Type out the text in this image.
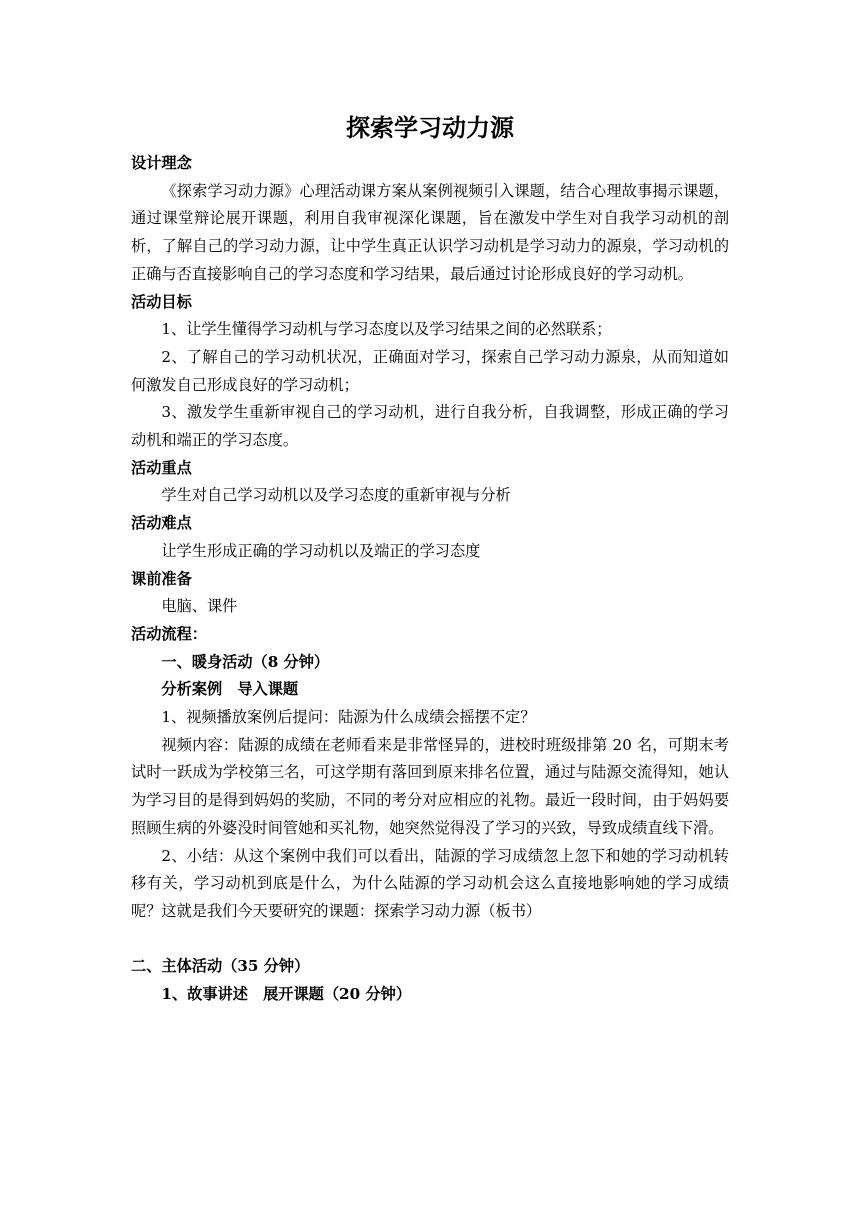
探索学习动力源

设计理念

《探索学习动力源》心理活动课方案从案例视频引入课题，结合心理故事揭示课题，通过课堂辩论展开课题，利用自我审视深化课题，旨在激发中学生对自我学习动机的剖析，了解自己的学习动力源，让中学生真正认识学习动机是学习动力的源泉，学习动机的正确与否直接影响自己的学习态度和学习结果，最后通过讨论形成良好的学习动机。

活动目标

1、让学生懂得学习动机与学习态度以及学习结果之间的必然联系；

2、了解自己的学习动机状况，正确面对学习，探索自己学习动力源泉，从而知道如何激发自己形成良好的学习动机；

3、激发学生重新审视自己的学习动机，进行自我分析，自我调整，形成正确的学习动机和端正的学习态度。

活动重点

学生对自己学习动机以及学习态度的重新审视与分析

活动难点

让学生形成正确的学习动机以及端正的学习态度

课前准备

电脑、课件

活动流程：

一、暖身活动（8 分钟）

分析案例　导入课题

1、视频播放案例后提问：陆源为什么成绩会摇摆不定？

视频内容：陆源的成绩在老师看来是非常怪异的，进校时班级排第 20 名，可期末考试时一跃成为学校第三名，可这学期有落回到原来排名位置，通过与陆源交流得知，她认为学习目的是得到妈妈的奖励，不同的考分对应相应的礼物。最近一段时间，由于妈妈要照顾生病的外婆没时间管她和买礼物，她突然觉得没了学习的兴致，导致成绩直线下滑。

2、小结：从这个案例中我们可以看出，陆源的学习成绩忽上忽下和她的学习动机转移有关，学习动机到底是什么，为什么陆源的学习动机会这么直接地影响她的学习成绩呢？这就是我们今天要研究的课题：探索学习动力源（板书）

二、主体活动（35 分钟）

1、故事讲述　展开课题（20 分钟）
